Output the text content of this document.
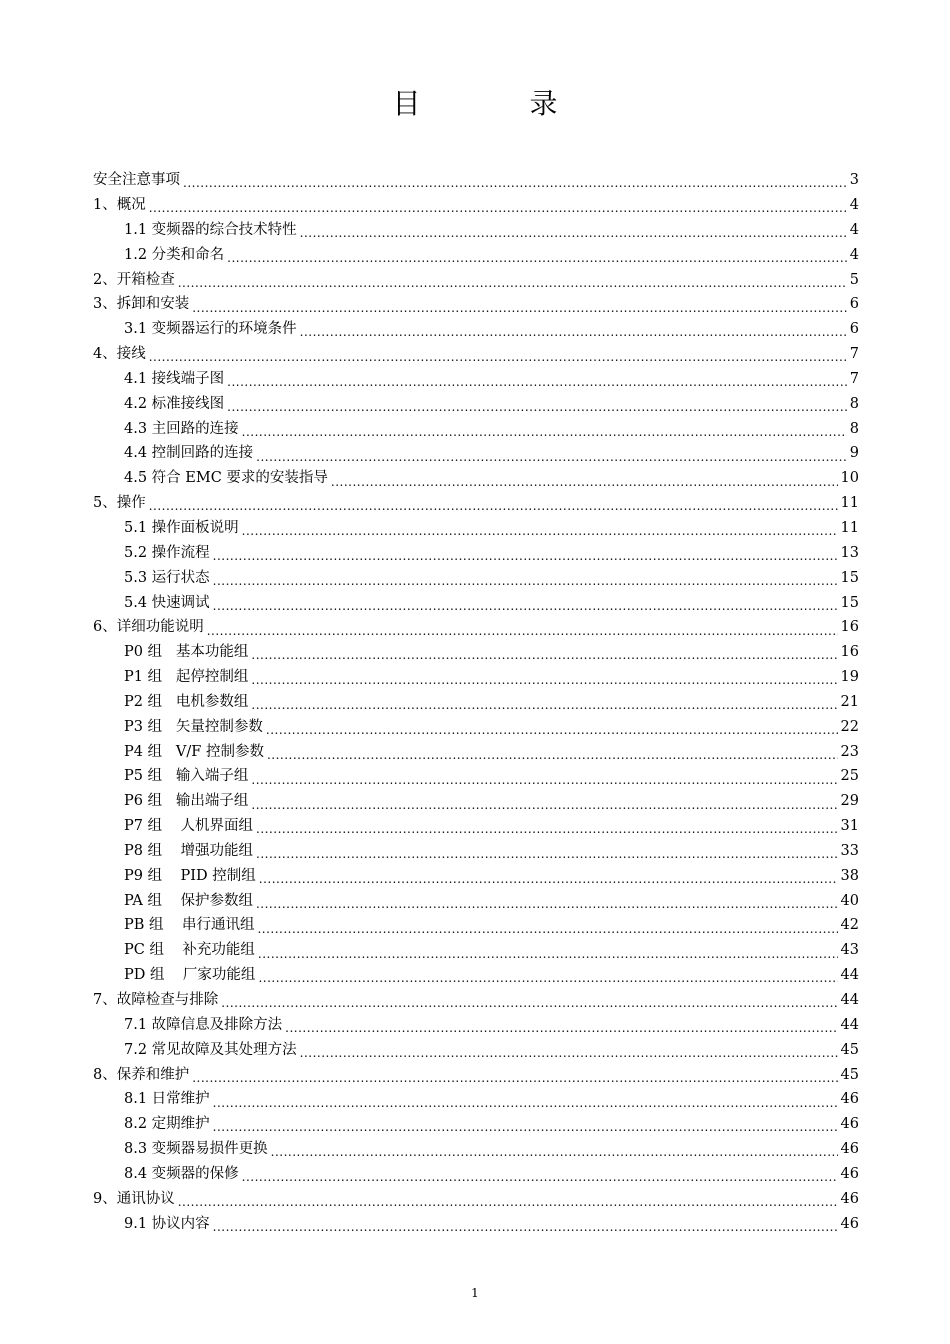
目 录
安全注意事项 .....	3
1、概况 .....	4
1.1 变频器的综合技术特性 .....	4
1.2 分类和命名 .....	4
2、开箱检查 .....	5
3、拆卸和安装 .....	6
3.1 变频器运行的环境条件 .....	6
4、接线 .....	7
4.1 接线端子图 .....	7
4.2 标准接线图 .....	8
4.3 主回路的连接 .....	8
4.4 控制回路的连接 .....	9
4.5 符合 EMC 要求的安装指导 .....	10
5、操作 .....	11
5.1 操作面板说明 .....	11
5.2 操作流程 .....	13
5.3 运行状态 .....	15
5.4 快速调试 .....	15
6、详细功能说明 .....	16
P0 组   基本功能组 .....	16
P1 组   起停控制组 .....	19
P2 组   电机参数组 .....	21
P3 组   矢量控制参数 .....	22
P4 组   V/F 控制参数 .....	23
P5 组   输入端子组 .....	25
P6 组   输出端子组 .....	29
P7 组    人机界面组 .....	31
P8 组    增强功能组 .....	33
P9 组    PID 控制组 .....	38
PA 组    保护参数组 .....	40
PB 组    串行通讯组 .....	42
PC 组    补充功能组 .....	43
PD 组    厂家功能组 .....	44
7、故障检查与排除 .....	44
7.1 故障信息及排除方法 .....	44
7.2 常见故障及其处理方法 .....	45
8、保养和维护 .....	45
8.1 日常维护 .....	46
8.2 定期维护 .....	46
8.3 变频器易损件更换 .....	46
8.4 变频器的保修 .....	46
9、通讯协议 .....	46
9.1 协议内容 .....	46
1
